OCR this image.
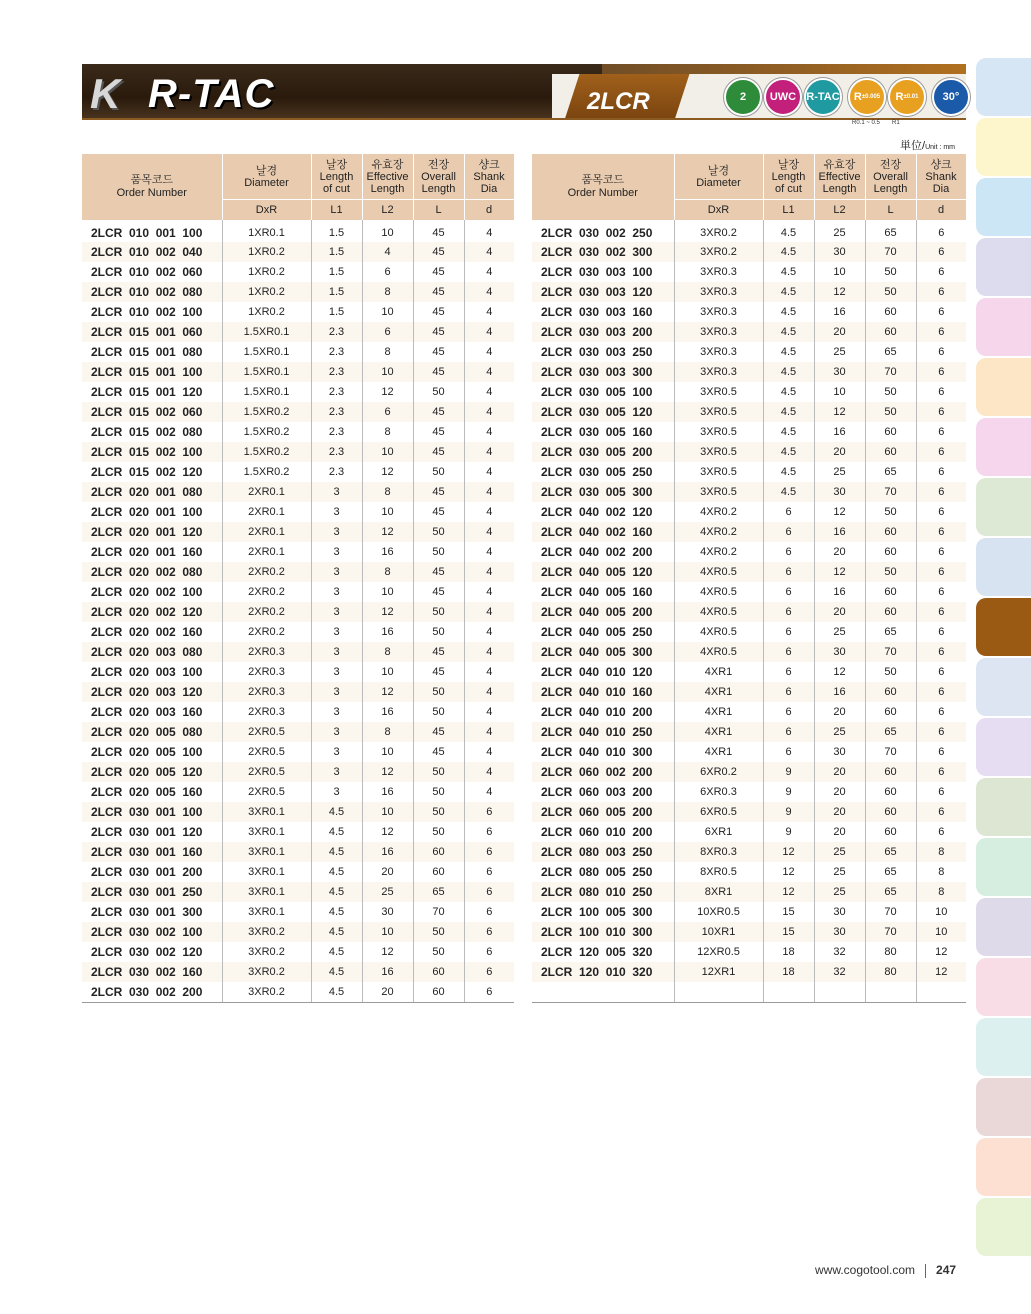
K R-TAC	2LCR	2 UWC R-TAC R ±0.005
R0.1 ~ 0.5
R ±0.01
R1
30°
単位/Unit : mm
품목코드
Order Number	날경
Diameter	날장
Length
of cut	유효장
Effective
Length	전장
Overall
Length	샹크
Shank
Dia
	DxR	L1	L2	L	d
2LCR  010  001  100	1XR0.1	1.5	10	45	4
2LCR  010  002  040	1XR0.2	1.5	4	45	4
2LCR  010  002  060	1XR0.2	1.5	6	45	4
2LCR  010  002  080	1XR0.2	1.5	8	45	4
2LCR  010  002  100	1XR0.2	1.5	10	45	4
2LCR  015  001  060	1.5XR0.1	2.3	6	45	4
2LCR  015  001  080	1.5XR0.1	2.3	8	45	4
2LCR  015  001  100	1.5XR0.1	2.3	10	45	4
2LCR  015  001  120	1.5XR0.1	2.3	12	50	4
2LCR  015  002  060	1.5XR0.2	2.3	6	45	4
2LCR  015  002  080	1.5XR0.2	2.3	8	45	4
2LCR  015  002  100	1.5XR0.2	2.3	10	45	4
2LCR  015  002  120	1.5XR0.2	2.3	12	50	4
2LCR  020  001  080	2XR0.1	3	8	45	4
2LCR  020  001  100	2XR0.1	3	10	45	4
2LCR  020  001  120	2XR0.1	3	12	50	4
2LCR  020  001  160	2XR0.1	3	16	50	4
2LCR  020  002  080	2XR0.2	3	8	45	4
2LCR  020  002  100	2XR0.2	3	10	45	4
2LCR  020  002  120	2XR0.2	3	12	50	4
2LCR  020  002  160	2XR0.2	3	16	50	4
2LCR  020  003  080	2XR0.3	3	8	45	4
2LCR  020  003  100	2XR0.3	3	10	45	4
2LCR  020  003  120	2XR0.3	3	12	50	4
2LCR  020  003  160	2XR0.3	3	16	50	4
2LCR  020  005  080	2XR0.5	3	8	45	4
2LCR  020  005  100	2XR0.5	3	10	45	4
2LCR  020  005  120	2XR0.5	3	12	50	4
2LCR  020  005  160	2XR0.5	3	16	50	4
2LCR  030  001  100	3XR0.1	4.5	10	50	6
2LCR  030  001  120	3XR0.1	4.5	12	50	6
2LCR  030  001  160	3XR0.1	4.5	16	60	6
2LCR  030  001  200	3XR0.1	4.5	20	60	6
2LCR  030  001  250	3XR0.1	4.5	25	65	6
2LCR  030  001  300	3XR0.1	4.5	30	70	6
2LCR  030  002  100	3XR0.2	4.5	10	50	6
2LCR  030  002  120	3XR0.2	4.5	12	50	6
2LCR  030  002  160	3XR0.2	4.5	16	60	6
2LCR  030  002  200	3XR0.2	4.5	20	60	6
품목코드
Order Number	날경
Diameter	날장
Length
of cut	유효장
Effective
Length	전장
Overall
Length	샹크
Shank
Dia
	DxR	L1	L2	L	d
2LCR  030  002  250	3XR0.2	4.5	25	65	6
2LCR  030  002  300	3XR0.2	4.5	30	70	6
2LCR  030  003  100	3XR0.3	4.5	10	50	6
2LCR  030  003  120	3XR0.3	4.5	12	50	6
2LCR  030  003  160	3XR0.3	4.5	16	60	6
2LCR  030  003  200	3XR0.3	4.5	20	60	6
2LCR  030  003  250	3XR0.3	4.5	25	65	6
2LCR  030  003  300	3XR0.3	4.5	30	70	6
2LCR  030  005  100	3XR0.5	4.5	10	50	6
2LCR  030  005  120	3XR0.5	4.5	12	50	6
2LCR  030  005  160	3XR0.5	4.5	16	60	6
2LCR  030  005  200	3XR0.5	4.5	20	60	6
2LCR  030  005  250	3XR0.5	4.5	25	65	6
2LCR  030  005  300	3XR0.5	4.5	30	70	6
2LCR  040  002  120	4XR0.2	6	12	50	6
2LCR  040  002  160	4XR0.2	6	16	60	6
2LCR  040  002  200	4XR0.2	6	20	60	6
2LCR  040  005  120	4XR0.5	6	12	50	6
2LCR  040  005  160	4XR0.5	6	16	60	6
2LCR  040  005  200	4XR0.5	6	20	60	6
2LCR  040  005  250	4XR0.5	6	25	65	6
2LCR  040  005  300	4XR0.5	6	30	70	6
2LCR  040  010  120	4XR1	6	12	50	6
2LCR  040  010  160	4XR1	6	16	60	6
2LCR  040  010  200	4XR1	6	20	60	6
2LCR  040  010  250	4XR1	6	25	65	6
2LCR  040  010  300	4XR1	6	30	70	6
2LCR  060  002  200	6XR0.2	9	20	60	6
2LCR  060  003  200	6XR0.3	9	20	60	6
2LCR  060  005  200	6XR0.5	9	20	60	6
2LCR  060  010  200	6XR1	9	20	60	6
2LCR  080  003  250	8XR0.3	12	25	65	8
2LCR  080  005  250	8XR0.5	12	25	65	8
2LCR  080  010  250	8XR1	12	25	65	8
2LCR  100  005  300	10XR0.5	15	30	70	10
2LCR  100  010  300	10XR1	15	30	70	10
2LCR  120  005  320	12XR0.5	18	32	80	12
2LCR  120  010  320	12XR1	18	32	80	12

www.cogotool.com 247
